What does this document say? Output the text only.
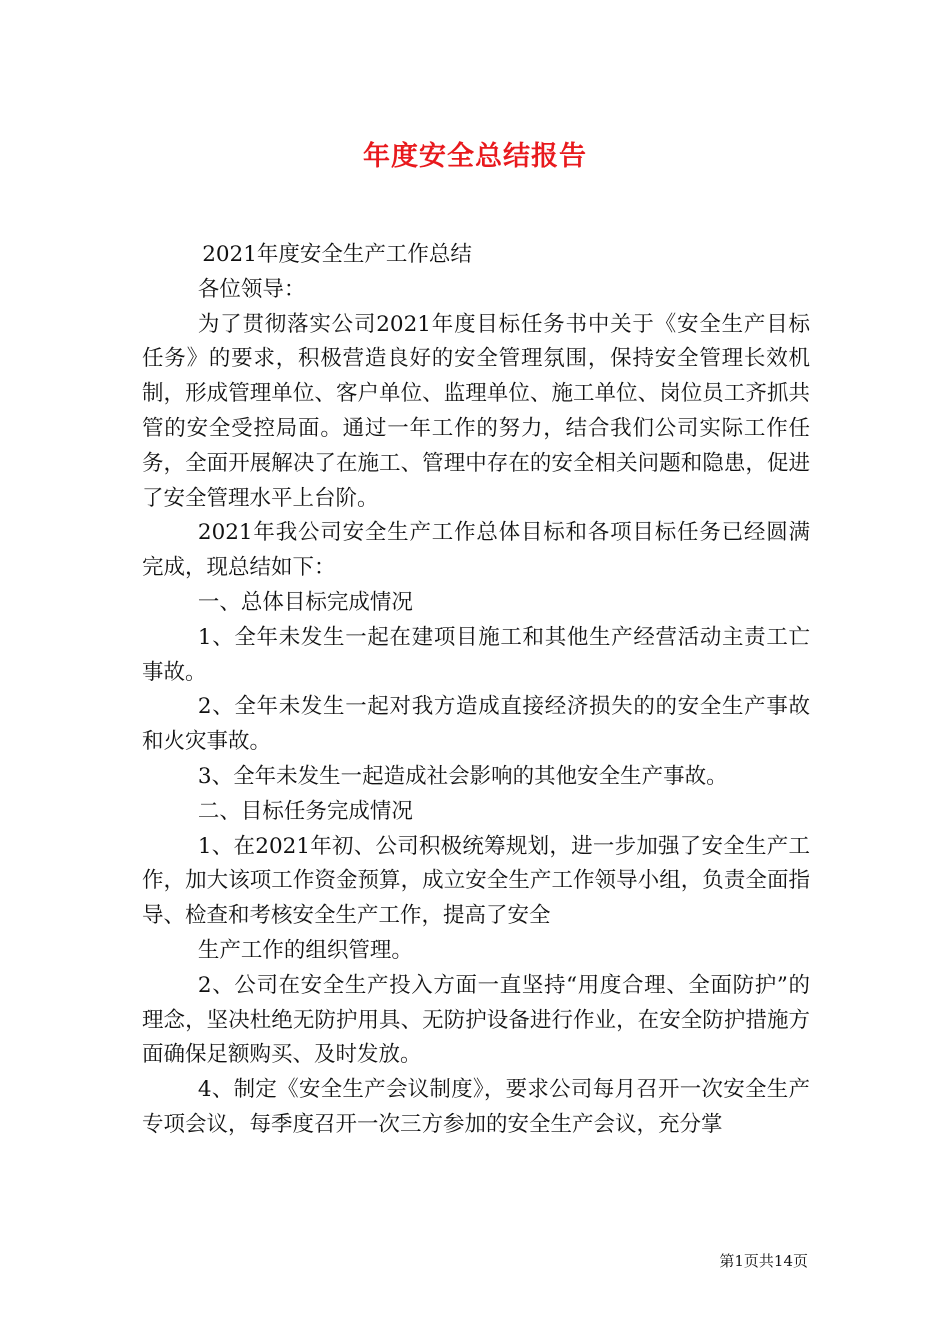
年度安全总结报告

2021年度安全生产工作总结

各位领导：

为了贯彻落实公司2021年度目标任务书中关于《安全生产目标任务》的要求，积极营造良好的安全管理氛围，保持安全管理长效机制，形成管理单位、客户单位、监理单位、施工单位、岗位员工齐抓共管的安全受控局面。通过一年工作的努力，结合我们公司实际工作任务，全面开展解决了在施工、管理中存在的安全相关问题和隐患，促进了安全管理水平上台阶。

2021年我公司安全生产工作总体目标和各项目标任务已经圆满完成，现总结如下：

一、总体目标完成情况

1、全年未发生一起在建项目施工和其他生产经营活动主责工亡事故。

2、全年未发生一起对我方造成直接经济损失的的安全生产事故和火灾事故。

3、全年未发生一起造成社会影响的其他安全生产事故。

二、目标任务完成情况

1、在2021年初、公司积极统筹规划，进一步加强了安全生产工作，加大该项工作资金预算，成立安全生产工作领导小组，负责全面指导、检查和考核安全生产工作，提高了安全

生产工作的组织管理。

2、公司在安全生产投入方面一直坚持“用度合理、全面防护”的理念，坚决杜绝无防护用具、无防护设备进行作业，在安全防护措施方面确保足额购买、及时发放。

4、制定《安全生产会议制度》，要求公司每月召开一次安全生产专项会议，每季度召开一次三方参加的安全生产会议，充分掌

第1页共14页
